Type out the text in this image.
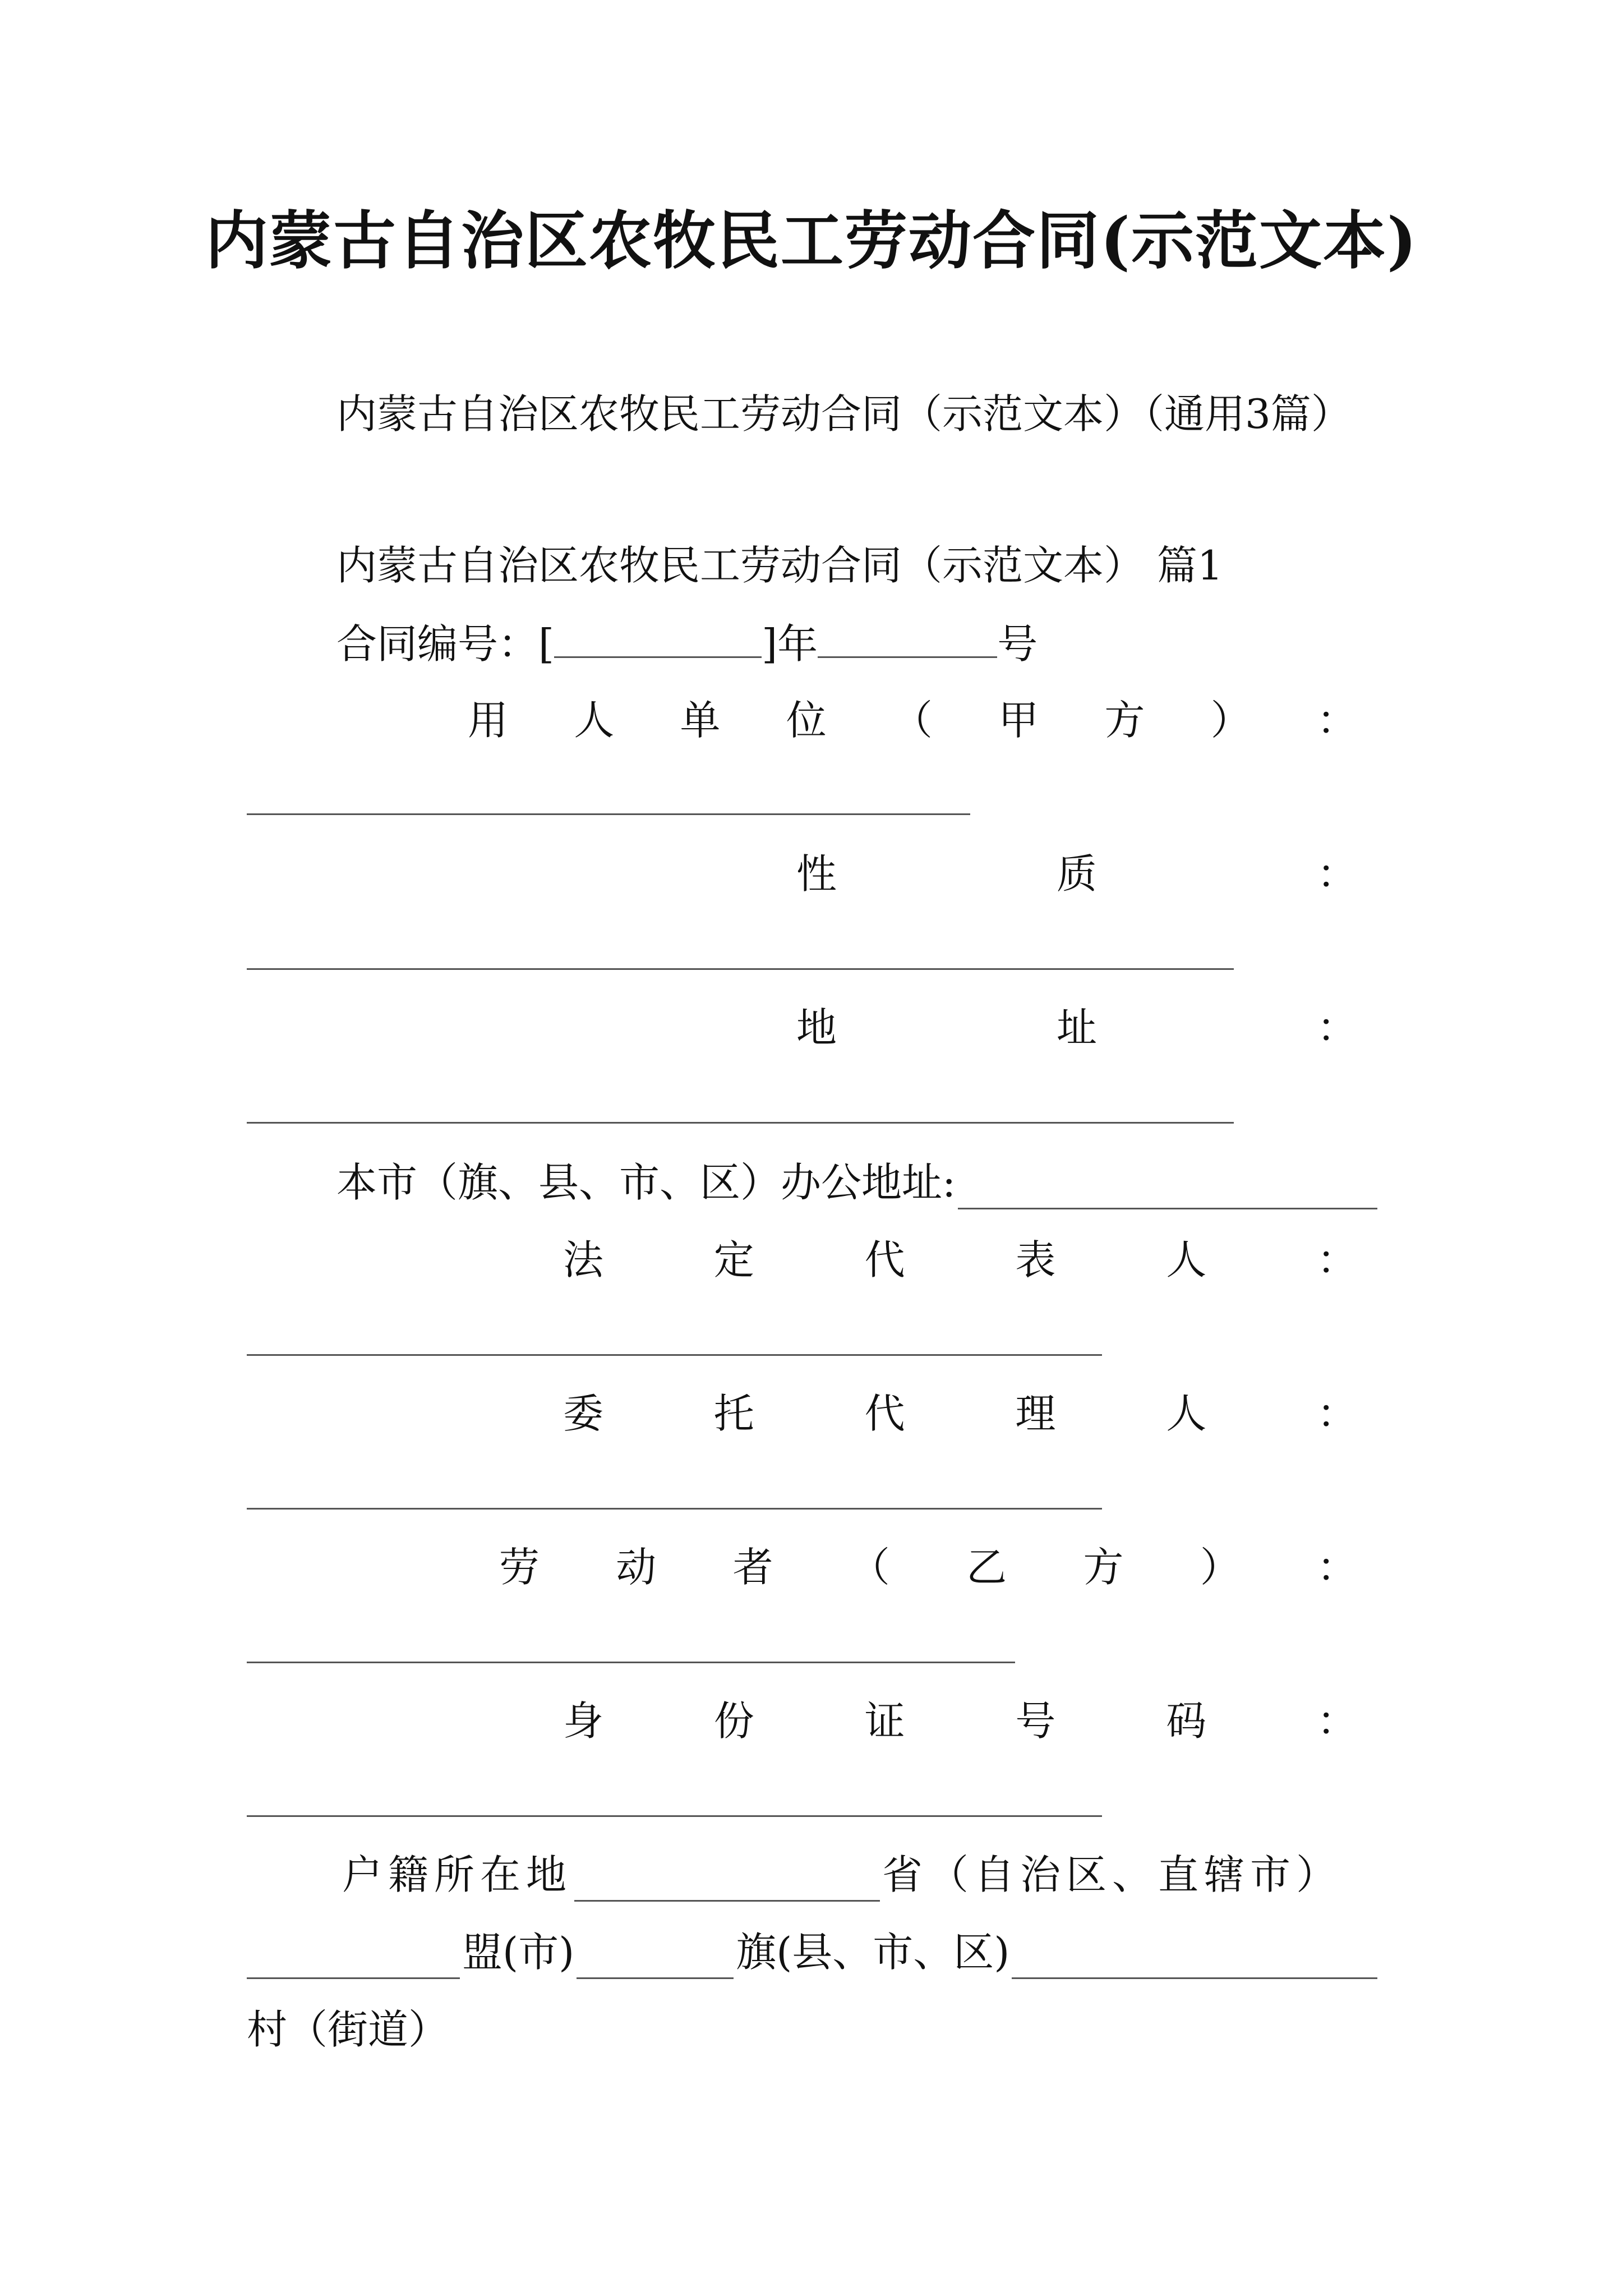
内蒙古自治区农牧民工劳动合同(示范文本)
内蒙古自治区农牧民工劳动合同（示范文本）（通用3篇）
内蒙古自治区农牧民工劳动合同（示范文本） 篇1
合同编号：[	]年	号
用 人 单 位 （ 甲 方 ） ：
性	质	：
地	址	：
本市（旗、县、市、区）办公地址:
法	定	代	表	人	：
委	托	代	理	人	：
劳 动 者 （ 乙 方 ） ：
身	份	证	号	码	：
户籍所在地	省（自治区、直辖市）
盟(市)	旗(县、市、区)
村（街道）
